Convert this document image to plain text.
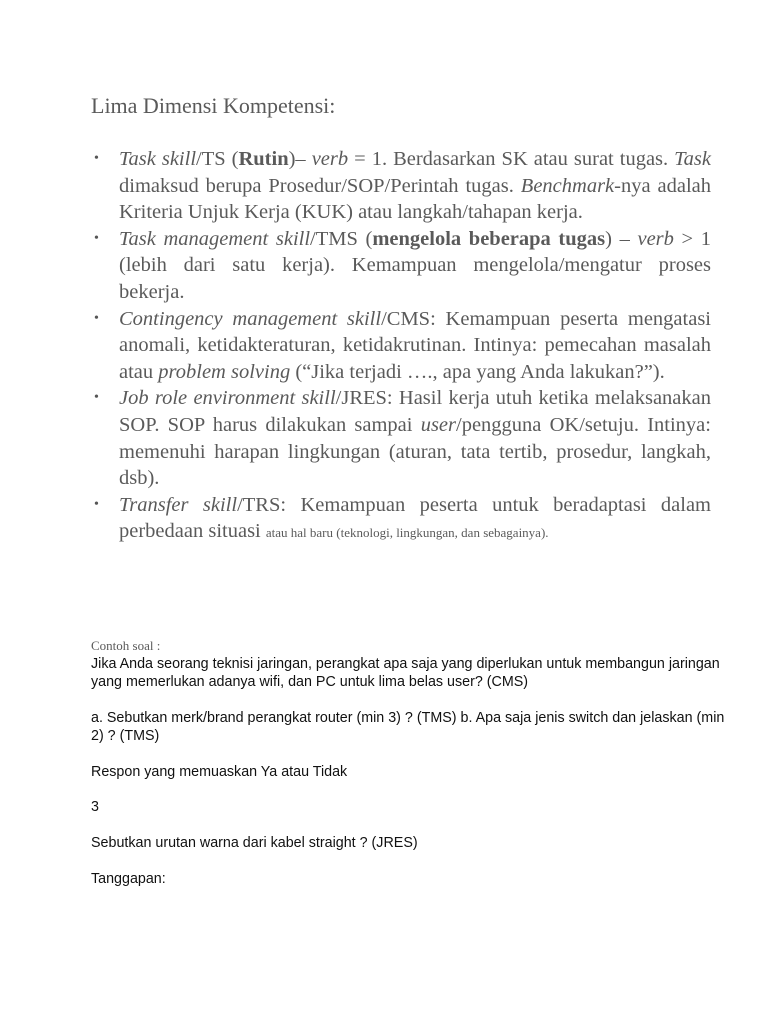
Lima Dimensi Kompetensi:
• Task skill/TS (Rutin)– verb = 1. Berdasarkan SK atau surat tugas. Task dimaksud berupa Prosedur/SOP/Perintah tugas. Benchmark-nya adalah Kriteria Unjuk Kerja (KUK) atau langkah/tahapan kerja.
• Task management skill/TMS (mengelola beberapa tugas) – verb > 1 (lebih dari satu kerja). Kemampuan mengelola/mengatur proses bekerja.
• Contingency management skill/CMS: Kemampuan peserta mengatasi anomali, ketidakteraturan, ketidakrutinan. Intinya: pemecahan masalah atau problem solving (“Jika terjadi …., apa yang Anda lakukan?”).
• Job role environment skill/JRES: Hasil kerja utuh ketika melaksanakan SOP. SOP harus dilakukan sampai user/pengguna OK/setuju. Intinya: memenuhi harapan lingkungan (aturan, tata tertib, prosedur, langkah, dsb).
• Transfer skill/TRS: Kemampuan peserta untuk beradaptasi dalam perbedaan situasi atau hal baru (teknologi, lingkungan, dan sebagainya).
Contoh soal :

Jika Anda seorang teknisi jaringan, perangkat apa saja yang diperlukan untuk membangun jaringan yang memerlukan adanya wifi, dan PC untuk lima belas user? (CMS)

a. Sebutkan merk/brand perangkat router (min 3) ? (TMS) b. Apa saja jenis switch dan jelaskan (min 2) ? (TMS)

Respon yang memuaskan Ya atau Tidak

3

Sebutkan urutan warna dari kabel straight ? (JRES)

Tanggapan:
